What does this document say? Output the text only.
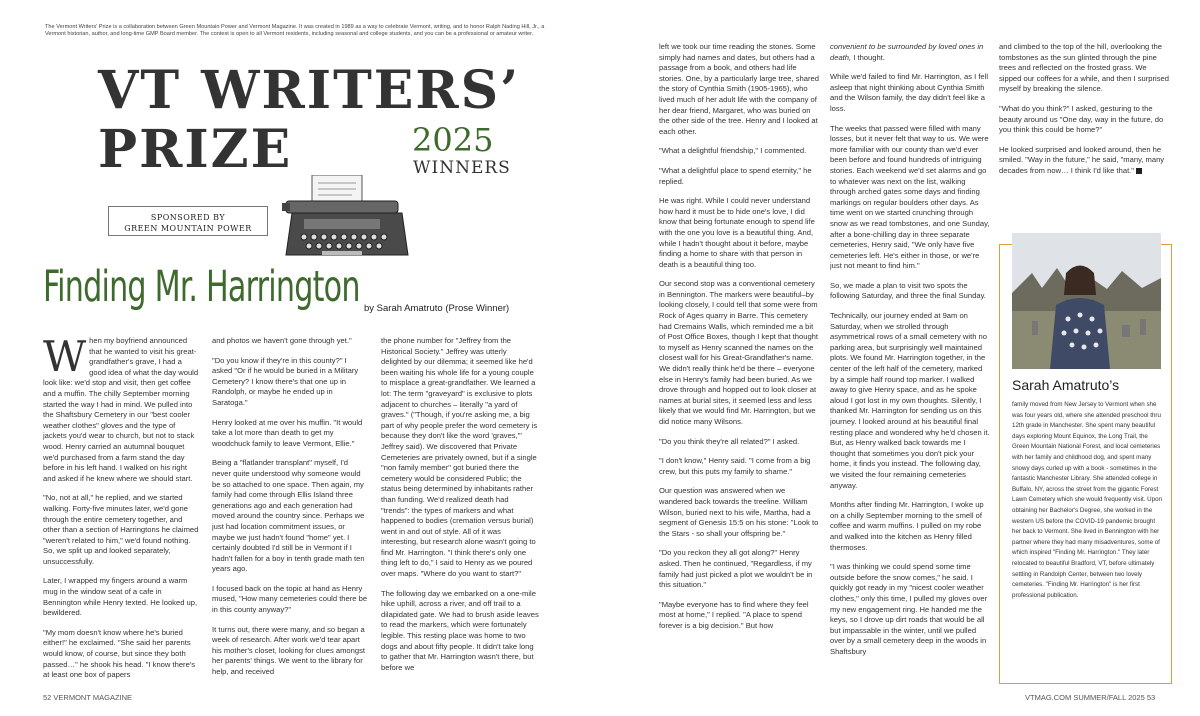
The Vermont Writers' Prize is a collaboration between Green Mountain Power and Vermont Magazine. It was created in 1989 as a way to celebrate Vermont, writing, and to honor Ralph Nading Hill, Jr., a Vermont historian, author, and long-time GMP Board member. The contest is open to all Vermont residents, including seasonal and college students, and you can be a professional or amateur writer.
VT WRITERS’
PRIZE	2025
WINNERS
SPONSORED BY
GREEN MOUNTAIN POWER
Finding Mr. Harrington by Sarah Amatruto (Prose Winner)

When my boyfriend announced that he wanted to visit his great-grandfather's grave, I had a good idea of what the day would look like: we'd stop and visit, then get coffee and a muffin. The chilly September morning started the way I had in mind. We pulled into the Shaftsbury Cemetery in our "best cooler weather clothes" gloves and the type of jackets you'd wear to church, but not to stack wood. Henry carried an autumnal bouquet we'd purchased from a farm stand the day before in his left hand. I walked on his right and asked if he knew where we should start.

"No, not at all," he replied, and we started walking. Forty-five minutes later, we'd gone through the entire cemetery together, and other than a section of Harringtons he claimed "weren't related to him," we'd found nothing. So, we split up and looked separately, unsuccessfully.

Later, I wrapped my fingers around a warm mug in the window seat of a cafe in Bennington while Henry texted. He looked up, bewildered.

"My mom doesn't know where he's buried either!" he exclaimed. "She said her parents would know, of course, but since they both passed…" he shook his head. "I know there's at least one box of papers

and photos we haven't gone through yet."

"Do you know if they're in this county?" I asked "Or if he would be buried in a Military Cemetery? I know there's that one up in Randolph, or maybe he ended up in Saratoga."

Henry looked at me over his muffin. "It would take a lot more than death to get my woodchuck family to leave Vermont, Ellie."

Being a "flatlander transplant" myself, I'd never quite understood why someone would be so attached to one space. Then again, my family had come through Ellis Island three generations ago and each generation had moved around the country since. Perhaps we just had location commitment issues, or maybe we just hadn't found "home" yet. I certainly doubted I'd still be in Vermont if I hadn't fallen for a boy in tenth grade math ten years ago.

I focused back on the topic at hand as Henry mused, "How many cemeteries could there be in this county anyway?"

It turns out, there were many, and so began a week of research. After work we'd tear apart his mother's closet, looking for clues amongst her parents' things. We went to the library for help, and received

the phone number for "Jeffrey from the Historical Society." Jeffrey was utterly delighted by our dilemma; it seemed like he'd been waiting his whole life for a young couple to misplace a great-grandfather. We learned a lot: The term "graveyard" is exclusive to plots adjacent to churches – literally "a yard of graves." ("Though, if you're asking me, a big part of why people prefer the word cemetery is because they don't like the word 'graves,'" Jeffrey said). We discovered that Private Cemeteries are privately owned, but if a single "non family member" got buried there the cemetery would be considered Public; the status being determined by inhabitants rather than funding. We'd realized death had "trends": the types of markers and what happened to bodies (cremation versus burial) went in and out of style. All of it was interesting, but research alone wasn't going to find Mr. Harrington. "I think there's only one thing left to do," I said to Henry as we poured over maps. "Where do you want to start?"

The following day we embarked on a one-mile hike uphill, across a river, and off trail to a dilapidated gate. We had to brush aside leaves to read the markers, which were fortunately legible. This resting place was home to two dogs and about fifty people. It didn't take long to gather that Mr. Harrington wasn't there, but before we

left we took our time reading the stones. Some simply had names and dates, but others had a passage from a book, and others had life stories. One, by a particularly large tree, shared the story of Cynthia Smith (1905-1965), who lived much of her adult life with the company of her dear friend, Margaret, who was buried on the other side of the tree. Henry and I looked at each other.

"What a delightful friendship," I commented.

"What a delightful place to spend eternity," he replied.

He was right. While I could never understand how hard it must be to hide one's love, I did know that being fortunate enough to spend life with the one you love is a beautiful thing. And, while I hadn't thought about it before, maybe finding a home to share with that person in death is a beautiful thing too.

Our second stop was a conventional cemetery in Bennington. The markers were beautiful–by looking closely, I could tell that some were from Rock of Ages quarry in Barre. This cemetery had Cremains Walls, which reminded me a bit of Post Office Boxes, though I kept that thought to myself as Henry scanned the names on the closest wall for his Great-Grandfather's name. We didn't really think he'd be there – everyone else in Henry's family had been buried. As we drove through and hopped out to look closer at names at burial sites, it seemed less and less likely that we would find Mr. Harrington, but we did notice many Wilsons.

"Do you think they're all related?" I asked.

"I don't know," Henry said. "I come from a big crew, but this puts my family to shame."

Our question was answered when we wandered back towards the treeline. William Wilson, buried next to his wife, Martha, had a segment of Genesis 15:5 on his stone: "Look to the Stars - so shall your offspring be."

"Do you reckon they all got along?" Henry asked. Then he continued, "Regardless, if my family had just picked a plot we wouldn't be in this situation."

"Maybe everyone has to find where they feel most at home," I replied. "A place to spend forever is a big decision." But how

convenient to be surrounded by loved ones in death, I thought.

While we'd failed to find Mr. Harrington, as I fell asleep that night thinking about Cynthia Smith and the Wilson family, the day didn't feel like a loss.

The weeks that passed were filled with many losses, but it never felt that way to us. We were more familiar with our county than we'd ever been before and found hundreds of intriguing stories. Each weekend we'd set alarms and go to whatever was next on the list, walking through arched gates some days and finding markings on regular boulders other days. As time went on we started crunching through snow as we read tombstones, and one Sunday, after a bone-chilling day in three separate cemeteries, Henry said, "We only have five cemeteries left. He's either in those, or we're just not meant to find him."

So, we made a plan to visit two spots the following Saturday, and three the final Sunday.

Technically, our journey ended at 9am on Saturday, when we strolled through asymmetrical rows of a small cemetery with no parking area, but surprisingly well maintained plots. We found Mr. Harrington together, in the center of the left half of the cemetery, marked by a simple half round top marker. I walked away to give Henry space, and as he spoke aloud I got lost in my own thoughts. Silently, I thanked Mr. Harrington for sending us on this journey. I looked around at his beautiful final resting place and wondered why he'd chosen it. But, as Henry walked back towards me I thought that sometimes you don't pick your home, it finds you instead. The following day, we visited the four remaining cemeteries anyway.

Months after finding Mr. Harrington, I woke up on a chilly September morning to the smell of coffee and warm muffins. I pulled on my robe and walked into the kitchen as Henry filled thermoses.

"I was thinking we could spend some time outside before the snow comes," he said. I quickly got ready in my "nicest cooler weather clothes," only this time, I pulled my gloves over my new engagement ring. He handed me the keys, so I drove up dirt roads that would be all but impassable in the winter, until we pulled over by a small cemetery deep in the woods in Shaftsbury

and climbed to the top of the hill, overlooking the tombstones as the sun glinted through the pine trees and reflected on the frosted grass. We sipped our coffees for a while, and then I surprised myself by breaking the silence.

"What do you think?" I asked, gesturing to the beauty around us "One day, way in the future, do you think this could be home?"

He looked surprised and looked around, then he smiled. "Way in the future," he said, "many, many decades from now… I think I'd like that."

Sarah Amatruto’s
family moved from New Jersey to Vermont when she was four years old, where she attended preschool thru 12th grade in Manchester. She spent many beautiful days exploring Mount Equinox, the Long Trail, the Green Mountain National Forest, and local cemeteries with her family and childhood dog, and spent many snowy days curled up with a book - sometimes in the fantastic Manchester Library. She attended college in Buffalo, NY, across the street from the gigantic Forest Lawn Cemetery which she would frequently visit. Upon obtaining her Bachelor's Degree, she worked in the western US before the COVID-19 pandemic brought her back to Vermont. She lived in Bennington with her partner where they had many misadventures, some of which inspired "Finding Mr. Harrington." They later relocated to beautiful Bradford, VT, before ultimately settling in Randolph Center, between two lovely cemeteries. "Finding Mr. Harrington" is her first professional publication.
52 VERMONT MAGAZINE	VTMAG.COM SUMMER/FALL 2025 53
